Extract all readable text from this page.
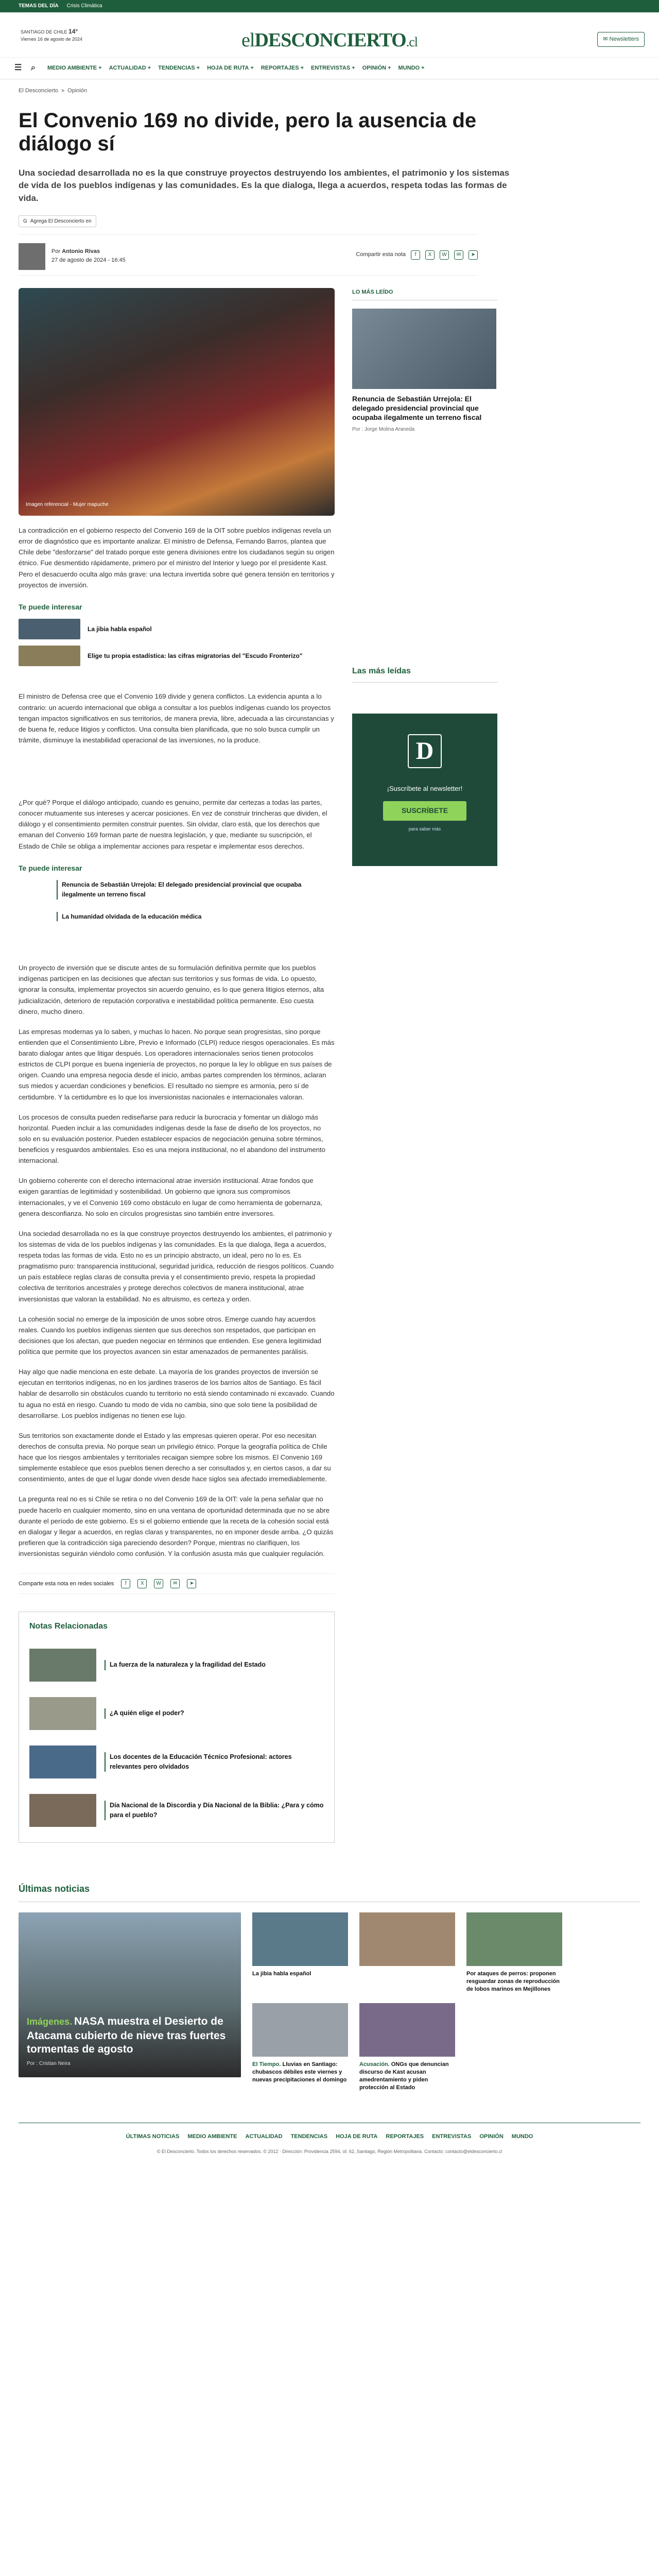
TEMAS DEL DÍA Crisis Climática
SANTIAGO DE CHILE 14°
Viernes 16 de agosto de 2024	elDESCONCIERTO.cl	✉ Newsletters
☰ ⌕	MEDIO AMBIENTE + ACTUALIDAD + TENDENCIAS + HOJA DE RUTA + REPORTAJES + ENTREVISTAS + OPINIÓN + MUNDO +
El Desconcierto » Opinión
El Convenio 169 no divide, pero la ausencia de diálogo sí

Una sociedad desarrollada no es la que construye proyectos destruyendo los ambientes, el patrimonio y los sistemas de vida de los pueblos indígenas y las comunidades. Es la que dialoga, llega a acuerdos, respeta todas las formas de vida.

G Agrega El Desconcierto en
Por Antonio Rivas
27 de agosto de 2024 - 16:45
Compartir esta nota	f	X	W	✉	➤
Imagen referencial - Mujer mapuche

La contradicción en el gobierno respecto del Convenio 169 de la OIT sobre pueblos indígenas revela un error de diagnóstico que es importante analizar. El ministro de Defensa, Fernando Barros, plantea que Chile debe "desforzarse" del tratado porque este genera divisiones entre los ciudadanos según su origen étnico. Fue desmentido rápidamente, primero por el ministro del Interior y luego por el presidente Kast. Pero el desacuerdo oculta algo más grave: una lectura invertida sobre qué genera tensión en territorios y proyectos de inversión.

Te puede interesar
La jibia habla español
Elige tu propia estadística: las cifras migratorias del "Escudo Fronterizo"

El ministro de Defensa cree que el Convenio 169 divide y genera conflictos. La evidencia apunta a lo contrario: un acuerdo internacional que obliga a consultar a los pueblos indígenas cuando los proyectos tengan impactos significativos en sus territorios, de manera previa, libre, adecuada a las circunstancias y de buena fe, reduce litigios y conflictos. Una consulta bien planificada, que no solo busca cumplir un trámite, disminuye la inestabilidad operacional de las inversiones, no la produce.

¿Por qué? Porque el diálogo anticipado, cuando es genuino, permite dar certezas a todas las partes, conocer mutuamente sus intereses y acercar posiciones. En vez de construir trincheras que dividen, el diálogo y el consentimiento permiten construir puentes. Sin olvidar, claro está, que los derechos que emanan del Convenio 169 forman parte de nuestra legislación, y que, mediante su suscripción, el Estado de Chile se obliga a implementar acciones para respetar e implementar esos derechos.

Te puede interesar
Renuncia de Sebastián Urrejola: El delegado presidencial provincial que ocupaba ilegalmente un terreno fiscal
La humanidad olvidada de la educación médica

Un proyecto de inversión que se discute antes de su formulación definitiva permite que los pueblos indígenas participen en las decisiones que afectan sus territorios y sus formas de vida. Lo opuesto, ignorar la consulta, implementar proyectos sin acuerdo genuino, es lo que genera litigios eternos, alta judicialización, deterioro de reputación corporativa e inestabilidad política permanente. Eso cuesta dinero, mucho dinero.

Las empresas modernas ya lo saben, y muchas lo hacen. No porque sean progresistas, sino porque entienden que el Consentimiento Libre, Previo e Informado (CLPI) reduce riesgos operacionales. Es más barato dialogar antes que litigar después. Los operadores internacionales serios tienen protocolos estrictos de CLPI porque es buena ingeniería de proyectos, no porque la ley lo obligue en sus países de origen. Cuando una empresa negocia desde el inicio, ambas partes comprenden los términos, aclaran sus miedos y acuerdan condiciones y beneficios. El resultado no siempre es armonía, pero sí de certidumbre. Y la certidumbre es lo que los inversionistas nacionales e internacionales valoran.

Los procesos de consulta pueden rediseñarse para reducir la burocracia y fomentar un diálogo más horizontal. Pueden incluir a las comunidades indígenas desde la fase de diseño de los proyectos, no solo en su evaluación posterior. Pueden establecer espacios de negociación genuina sobre términos, beneficios y resguardos ambientales. Eso es una mejora institucional, no el abandono del instrumento internacional.

Un gobierno coherente con el derecho internacional atrae inversión institucional. Atrae fondos que exigen garantías de legitimidad y sostenibilidad. Un gobierno que ignora sus compromisos internacionales, y ve el Convenio 169 como obstáculo en lugar de como herramienta de gobernanza, genera desconfianza. No solo en círculos progresistas sino también entre inversores.

Una sociedad desarrollada no es la que construye proyectos destruyendo los ambientes, el patrimonio y los sistemas de vida de los pueblos indígenas y las comunidades. Es la que dialoga, llega a acuerdos, respeta todas las formas de vida. Esto no es un principio abstracto, un ideal, pero no lo es. Es pragmatismo puro: transparencia institucional, seguridad jurídica, reducción de riesgos políticos. Cuando un país establece reglas claras de consulta previa y el consentimiento previo, respeta la propiedad colectiva de territorios ancestrales y protege derechos colectivos de manera institucional, atrae inversionistas que valoran la estabilidad. No es altruismo, es certeza y orden.

La cohesión social no emerge de la imposición de unos sobre otros. Emerge cuando hay acuerdos reales. Cuando los pueblos indígenas sienten que sus derechos son respetados, que participan en decisiones que los afectan, que pueden negociar en términos que entienden. Ese genera legitimidad política que permite que los proyectos avancen sin estar amenazados de permanentes parálisis.

Hay algo que nadie menciona en este debate. La mayoría de los grandes proyectos de inversión se ejecutan en territorios indígenas, no en los jardines traseros de los barrios altos de Santiago. Es fácil hablar de desarrollo sin obstáculos cuando tu territorio no está siendo contaminado ni excavado. Cuando tu agua no está en riesgo. Cuando tu modo de vida no cambia, sino que solo tiene la posibilidad de desarrollarse. Los pueblos indígenas no tienen ese lujo.

Sus territorios son exactamente donde el Estado y las empresas quieren operar. Por eso necesitan derechos de consulta previa. No porque sean un privilegio étnico. Porque la geografía política de Chile hace que los riesgos ambientales y territoriales recaigan siempre sobre los mismos. El Convenio 169 simplemente establece que esos pueblos tienen derecho a ser consultados y, en ciertos casos, a dar su consentimiento, antes de que el lugar donde viven desde hace siglos sea afectado irremediablemente.

La pregunta real no es si Chile se retira o no del Convenio 169 de la OIT: vale la pena señalar que no puede hacerlo en cualquier momento, sino en una ventana de oportunidad determinada que no se abre durante el período de este gobierno. Es si el gobierno entiende que la receta de la cohesión social está en dialogar y llegar a acuerdos, en reglas claras y transparentes, no en imponer desde arriba. ¿O quizás prefieren que la contradicción siga pareciendo desorden? Porque, mientras no clarifiquen, los inversionistas seguirán viéndolo como confusión. Y la confusión asusta más que cualquier regulación.

Comparte esta nota en redes sociales	f	X	W	✉	➤
Notas Relacionadas
La fuerza de la naturaleza y la fragilidad del Estado
¿A quién elige el poder?
Los docentes de la Educación Técnico Profesional: actores relevantes pero olvidados
Día Nacional de la Discordia y Día Nacional de la Biblia: ¿Para y cómo para el pueblo?
LO MÁS LEÍDO
Renuncia de Sebastián Urrejola: El delegado presidencial provincial que ocupaba ilegalmente un terreno fiscal
Por : Jorge Molina Araneda
Las más leídas
D
¡Suscríbete al newsletter!
SUSCRÍBETE
para saber más
Últimas noticias
Imágenes. NASA muestra el Desierto de Atacama cubierto de nieve tras fuertes tormentas de agosto
Por : Cristian Neira
La jibia habla español	Por ataques de perros: proponen resguardar zonas de reproducción de lobos marinos en Mejillones
El Tiempo. Lluvias en Santiago: chubascos débiles este viernes y nuevas precipitaciones el domingo
Acusación. ONGs que denuncian discurso de Kast acusan amedrentamiento y piden protección al Estado
ÚLTIMAS NOTICIAS MEDIO AMBIENTE ACTUALIDAD TENDENCIAS HOJA DE RUTA REPORTAJES ENTREVISTAS OPINIÓN MUNDO
© El Desconcierto. Todos los derechos reservados. © 2012 · Dirección: Providencia 2594, of. 62, Santiago, Región Metropolitana. Contacto: contacto@eldesconcierto.cl
